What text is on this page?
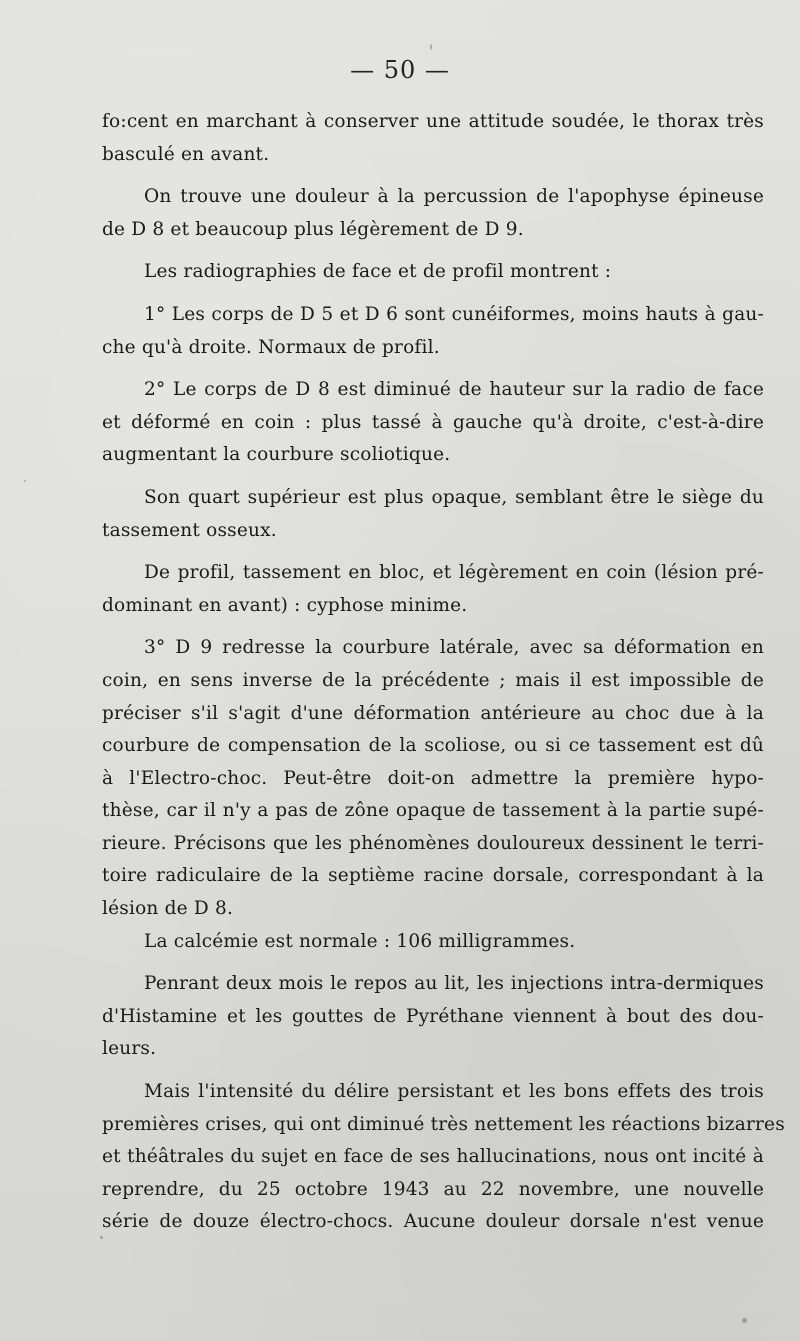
— 50 —
fo:cent en marchant à conserver une attitude soudée, le thorax très
basculé en avant.
On trouve une douleur à la percussion de l'apophyse épineuse
de D 8 et beaucoup plus légèrement de D 9.
Les radiographies de face et de profil montrent :
1° Les corps de D 5 et D 6 sont cunéiformes, moins hauts à gau-
che qu'à droite. Normaux de profil.
2° Le corps de D 8 est diminué de hauteur sur la radio de face
et déformé en coin : plus tassé à gauche qu'à droite, c'est-à-dire
augmentant la courbure scoliotique.
Son quart supérieur est plus opaque, semblant être le siège du
tassement osseux.
De profil, tassement en bloc, et légèrement en coin (lésion pré-
dominant en avant) : cyphose minime.
3° D 9 redresse la courbure latérale, avec sa déformation en
coin, en sens inverse de la précédente ; mais il est impossible de
préciser s'il s'agit d'une déformation antérieure au choc due à la
courbure de compensation de la scoliose, ou si ce tassement est dû
à l'Electro-choc. Peut-être doit-on admettre la première hypo-
thèse, car il n'y a pas de zône opaque de tassement à la partie supé-
rieure. Précisons que les phénomènes douloureux dessinent le terri-
toire radiculaire de la septième racine dorsale, correspondant à la
lésion de D 8.
La calcémie est normale : 106 milligrammes.
Penrant deux mois le repos au lit, les injections intra-dermiques
d'Histamine et les gouttes de Pyréthane viennent à bout des dou-
leurs.
Mais l'intensité du délire persistant et les bons effets des trois
premières crises, qui ont diminué très nettement les réactions bizarres
et théâtrales du sujet en face de ses hallucinations, nous ont incité à
reprendre, du 25 octobre 1943 au 22 novembre, une nouvelle
série de douze électro-chocs. Aucune douleur dorsale n'est venue
